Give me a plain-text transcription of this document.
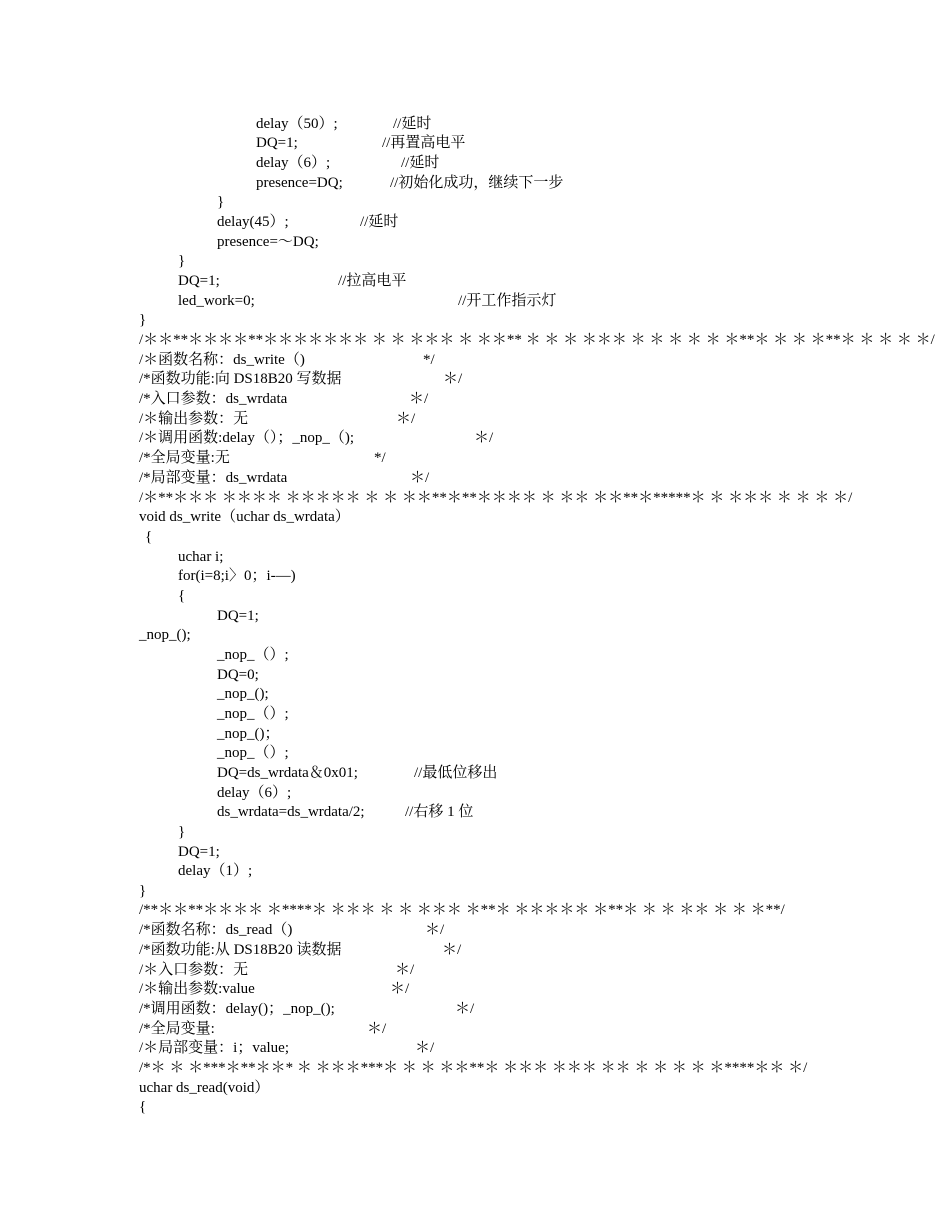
delay（50）;	//延时
DQ=1;	//再置高电平
delay（6）;	//延时
presence=DQ;	//初始化成功，继续下一步
}
delay(45）;	//延时
presence=～DQ;
}
DQ=1;	//拉高电平
led_work=0;	//开工作指示灯
}
/＊＊**＊＊＊＊**＊＊＊＊＊＊＊ ＊ ＊ ＊＊＊ ＊ ＊＊** ＊ ＊ ＊ ＊＊＊ ＊ ＊ ＊ ＊ ＊ ＊**＊ ＊ ＊ ＊**＊ ＊ ＊ ＊ ＊/
/＊函数名称：ds_write（)	*/
/*函数功能:向 DS18B20 写数据	＊/
/*入口参数：ds_wrdata	＊/
/＊输出参数：无	＊/
/＊调用函数:delay（）；_nop_（);	＊/
/*全局变量:无	*/
/*局部变量：ds_wrdata	＊/
/＊**＊＊＊ ＊＊＊＊ ＊＊＊＊＊ ＊ ＊ ＊＊**＊**＊＊＊＊ ＊ ＊＊ ＊＊**＊*****＊ ＊ ＊＊＊ ＊ ＊ ＊ ＊/
void ds_write（uchar ds_wrdata）
{
uchar i;
for(i=8;i〉0；i-—)
{
DQ=1;
_nop_();
_nop_（）;
DQ=0;
_nop_();
_nop_（）;
_nop_()；
_nop_（）;
DQ=ds_wrdata＆0x01;	//最低位移出
delay（6）;
ds_wrdata=ds_wrdata/2;	//右移 1 位
}
DQ=1;
delay（1）;
}
/**＊＊**＊＊＊＊ ＊****＊ ＊＊＊ ＊ ＊ ＊＊＊ ＊**＊ ＊＊＊＊＊ ＊**＊ ＊ ＊ ＊＊ ＊ ＊ ＊**/
/*函数名称：ds_read（)	＊/
/*函数功能:从 DS18B20 读数据	＊/
/＊入口参数：无	＊/
/＊输出参数:value	＊/
/*调用函数：delay()；_nop_();	＊/
/*全局变量:	＊/
/＊局部变量：i；value;	＊/
/*＊ ＊ ＊***＊**＊＊* ＊ ＊＊＊***＊ ＊ ＊ ＊＊**＊ ＊＊＊ ＊＊＊ ＊＊ ＊ ＊ ＊ ＊ ＊****＊＊ ＊/
uchar ds_read(void）
{
